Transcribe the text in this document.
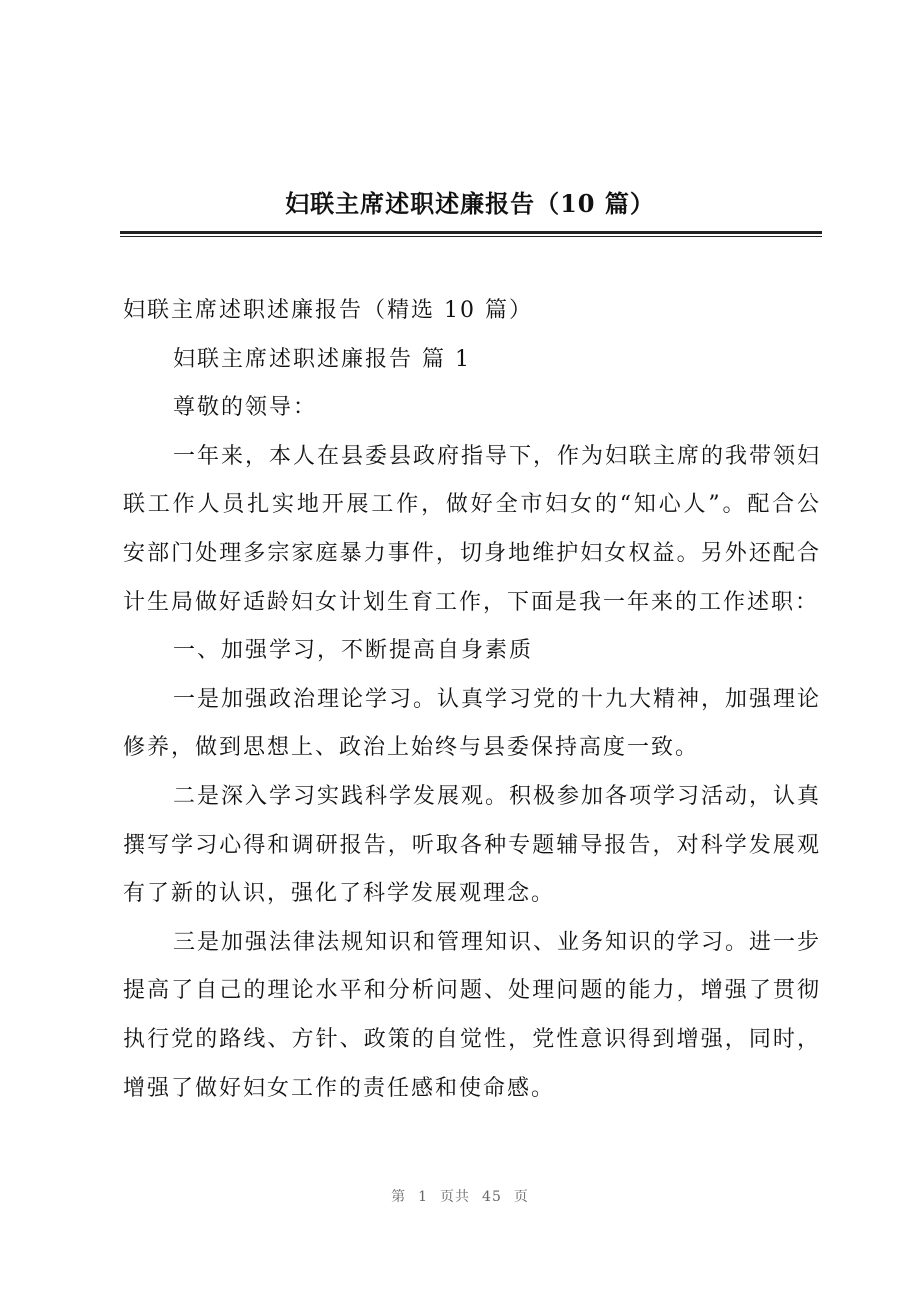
妇联主席述职述廉报告（10 篇）

妇联主席述职述廉报告（精选 10 篇）

妇联主席述职述廉报告 篇 1

尊敬的领导：

一年来，本人在县委县政府指导下，作为妇联主席的我带领妇联工作人员扎实地开展工作，做好全市妇女的“知心人”。配合公安部门处理多宗家庭暴力事件，切身地维护妇女权益。另外还配合计生局做好适龄妇女计划生育工作，下面是我一年来的工作述职：

一、加强学习，不断提高自身素质

一是加强政治理论学习。认真学习党的十九大精神，加强理论修养，做到思想上、政治上始终与县委保持高度一致。

二是深入学习实践科学发展观。积极参加各项学习活动，认真撰写学习心得和调研报告，听取各种专题辅导报告，对科学发展观有了新的认识，强化了科学发展观理念。

三是加强法律法规知识和管理知识、业务知识的学习。进一步提高了自己的理论水平和分析问题、处理问题的能力，增强了贯彻执行党的路线、方针、政策的自觉性，党性意识得到增强，同时，增强了做好妇女工作的责任感和使命感。

第 1 页共 45 页
